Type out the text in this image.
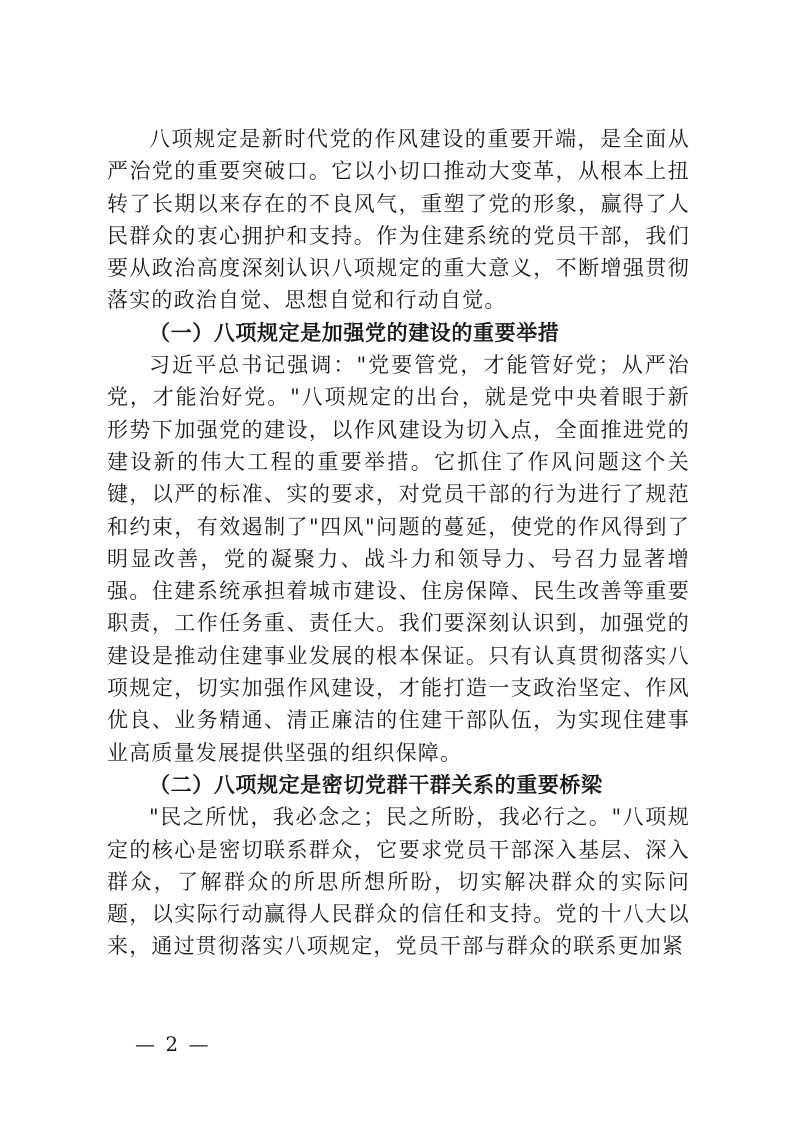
八项规定是新时代党的作风建设的重要开端，是全面从严治党的重要突破口。它以小切口推动大变革，从根本上扭转了长期以来存在的不良风气，重塑了党的形象，赢得了人民群众的衷心拥护和支持。作为住建系统的党员干部，我们要从政治高度深刻认识八项规定的重大意义，不断增强贯彻落实的政治自觉、思想自觉和行动自觉。

（一）八项规定是加强党的建设的重要举措

习近平总书记强调："党要管党，才能管好党；从严治党，才能治好党。"八项规定的出台，就是党中央着眼于新形势下加强党的建设，以作风建设为切入点，全面推进党的建设新的伟大工程的重要举措。它抓住了作风问题这个关键，以严的标准、实的要求，对党员干部的行为进行了规范和约束，有效遏制了"四风"问题的蔓延，使党的作风得到了明显改善，党的凝聚力、战斗力和领导力、号召力显著增强。住建系统承担着城市建设、住房保障、民生改善等重要职责，工作任务重、责任大。我们要深刻认识到，加强党的建设是推动住建事业发展的根本保证。只有认真贯彻落实八项规定，切实加强作风建设，才能打造一支政治坚定、作风优良、业务精通、清正廉洁的住建干部队伍，为实现住建事业高质量发展提供坚强的组织保障。

（二）八项规定是密切党群干群关系的重要桥梁

"民之所忧，我必念之；民之所盼，我必行之。"八项规定的核心是密切联系群众，它要求党员干部深入基层、深入群众，了解群众的所思所想所盼，切实解决群众的实际问题，以实际行动赢得人民群众的信任和支持。党的十八大以来，通过贯彻落实八项规定，党员干部与群众的联系更加紧

— 2 —
